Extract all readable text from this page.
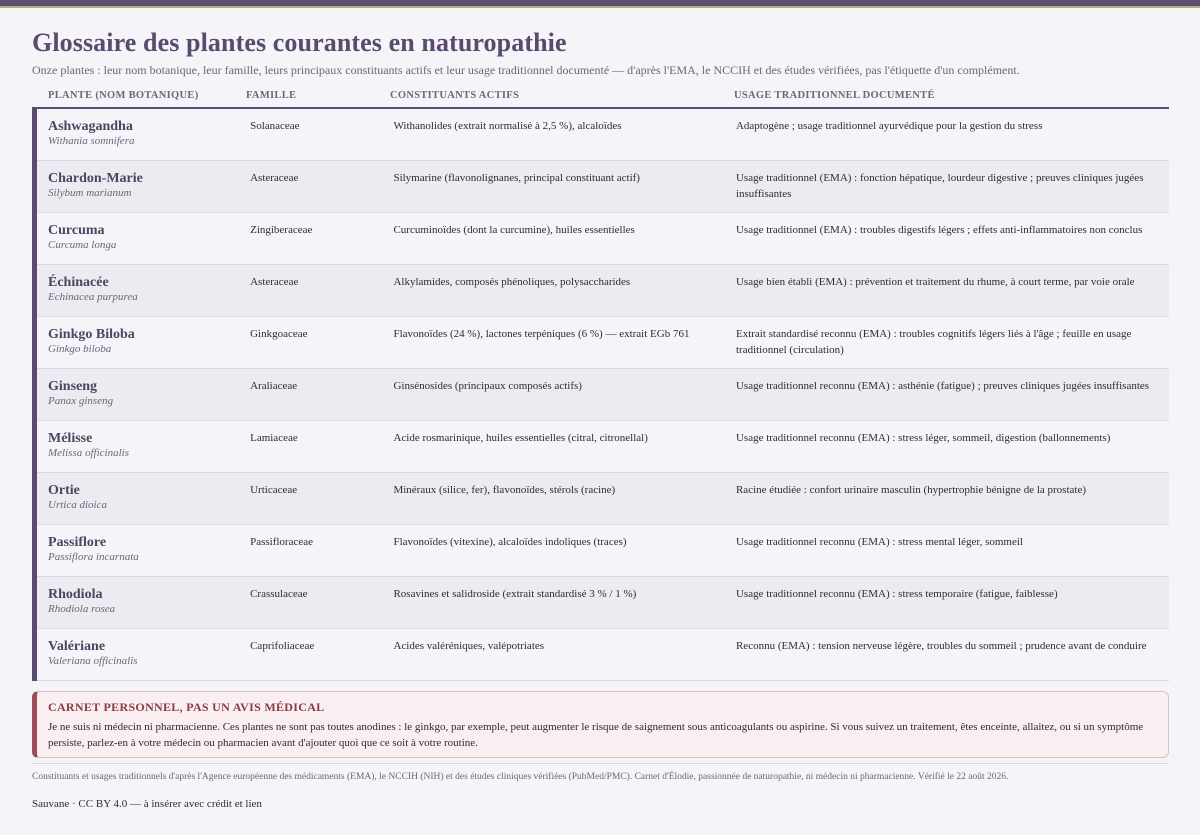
Glossaire des plantes courantes en naturopathie

Onze plantes : leur nom botanique, leur famille, leurs principaux constituants actifs et leur usage traditionnel documenté — d'après l'EMA, le NCCIH et des études vérifiées, pas l'étiquette d'un complément.

PLANTE (NOM BOTANIQUE)	FAMILLE	CONSTITUANTS ACTIFS	USAGE TRADITIONNEL DOCUMENTÉ
Ashwagandha
Withania somnifera
Solanaceae	Withanolides (extrait normalisé à 2,5 %), alcaloïdes	Adaptogène ; usage traditionnel ayurvédique pour la gestion du stress
Chardon-Marie
Silybum marianum
Asteraceae	Silymarine (flavonolignanes, principal constituant actif)	Usage traditionnel (EMA) : fonction hépatique, lourdeur digestive ; preuves cliniques jugées insuffisantes
Curcuma
Curcuma longa
Zingiberaceae	Curcuminoïdes (dont la curcumine), huiles essentielles	Usage traditionnel (EMA) : troubles digestifs légers ; effets anti-inflammatoires non conclus
Échinacée
Echinacea purpurea
Asteraceae	Alkylamides, composés phénoliques, polysaccharides	Usage bien établi (EMA) : prévention et traitement du rhume, à court terme, par voie orale
Ginkgo Biloba
Ginkgo biloba
Ginkgoaceae	Flavonoïdes (24 %), lactones terpéniques (6 %) — extrait EGb 761	Extrait standardisé reconnu (EMA) : troubles cognitifs légers liés à l'âge ; feuille en usage traditionnel (circulation)
Ginseng
Panax ginseng
Araliaceae	Ginsénosides (principaux composés actifs)	Usage traditionnel reconnu (EMA) : asthénie (fatigue) ; preuves cliniques jugées insuffisantes
Mélisse
Melissa officinalis
Lamiaceae	Acide rosmarinique, huiles essentielles (citral, citronellal)	Usage traditionnel reconnu (EMA) : stress léger, sommeil, digestion (ballonnements)
Ortie
Urtica dioica
Urticaceae	Minéraux (silice, fer), flavonoïdes, stérols (racine)	Racine étudiée : confort urinaire masculin (hypertrophie bénigne de la prostate)
Passiflore
Passiflora incarnata
Passifloraceae	Flavonoïdes (vitexine), alcaloïdes indoliques (traces)	Usage traditionnel reconnu (EMA) : stress mental léger, sommeil
Rhodiola
Rhodiola rosea
Crassulaceae	Rosavines et salidroside (extrait standardisé 3 % / 1 %)	Usage traditionnel reconnu (EMA) : stress temporaire (fatigue, faiblesse)
Valériane
Valeriana officinalis
Caprifoliaceae	Acides valéréniques, valépotriates	Reconnu (EMA) : tension nerveuse légère, troubles du sommeil ; prudence avant de conduire
CARNET PERSONNEL, PAS UN AVIS MÉDICAL
Je ne suis ni médecin ni pharmacienne. Ces plantes ne sont pas toutes anodines : le ginkgo, par exemple, peut augmenter le risque de saignement sous anticoagulants ou aspirine. Si vous suivez un traitement, êtes enceinte, allaitez, ou si un symptôme persiste, parlez-en à votre médecin ou pharmacien avant d'ajouter quoi que ce soit à votre routine.
Constituants et usages traditionnels d'après l'Agence européenne des médicaments (EMA), le NCCIH (NIH) et des études cliniques vérifiées (PubMed/PMC). Carnet d'Élodie, passionnée de naturopathie, ni médecin ni pharmacienne. Vérifié le 22 août 2026.
Sauvane · CC BY 4.0 — à insérer avec crédit et lien
